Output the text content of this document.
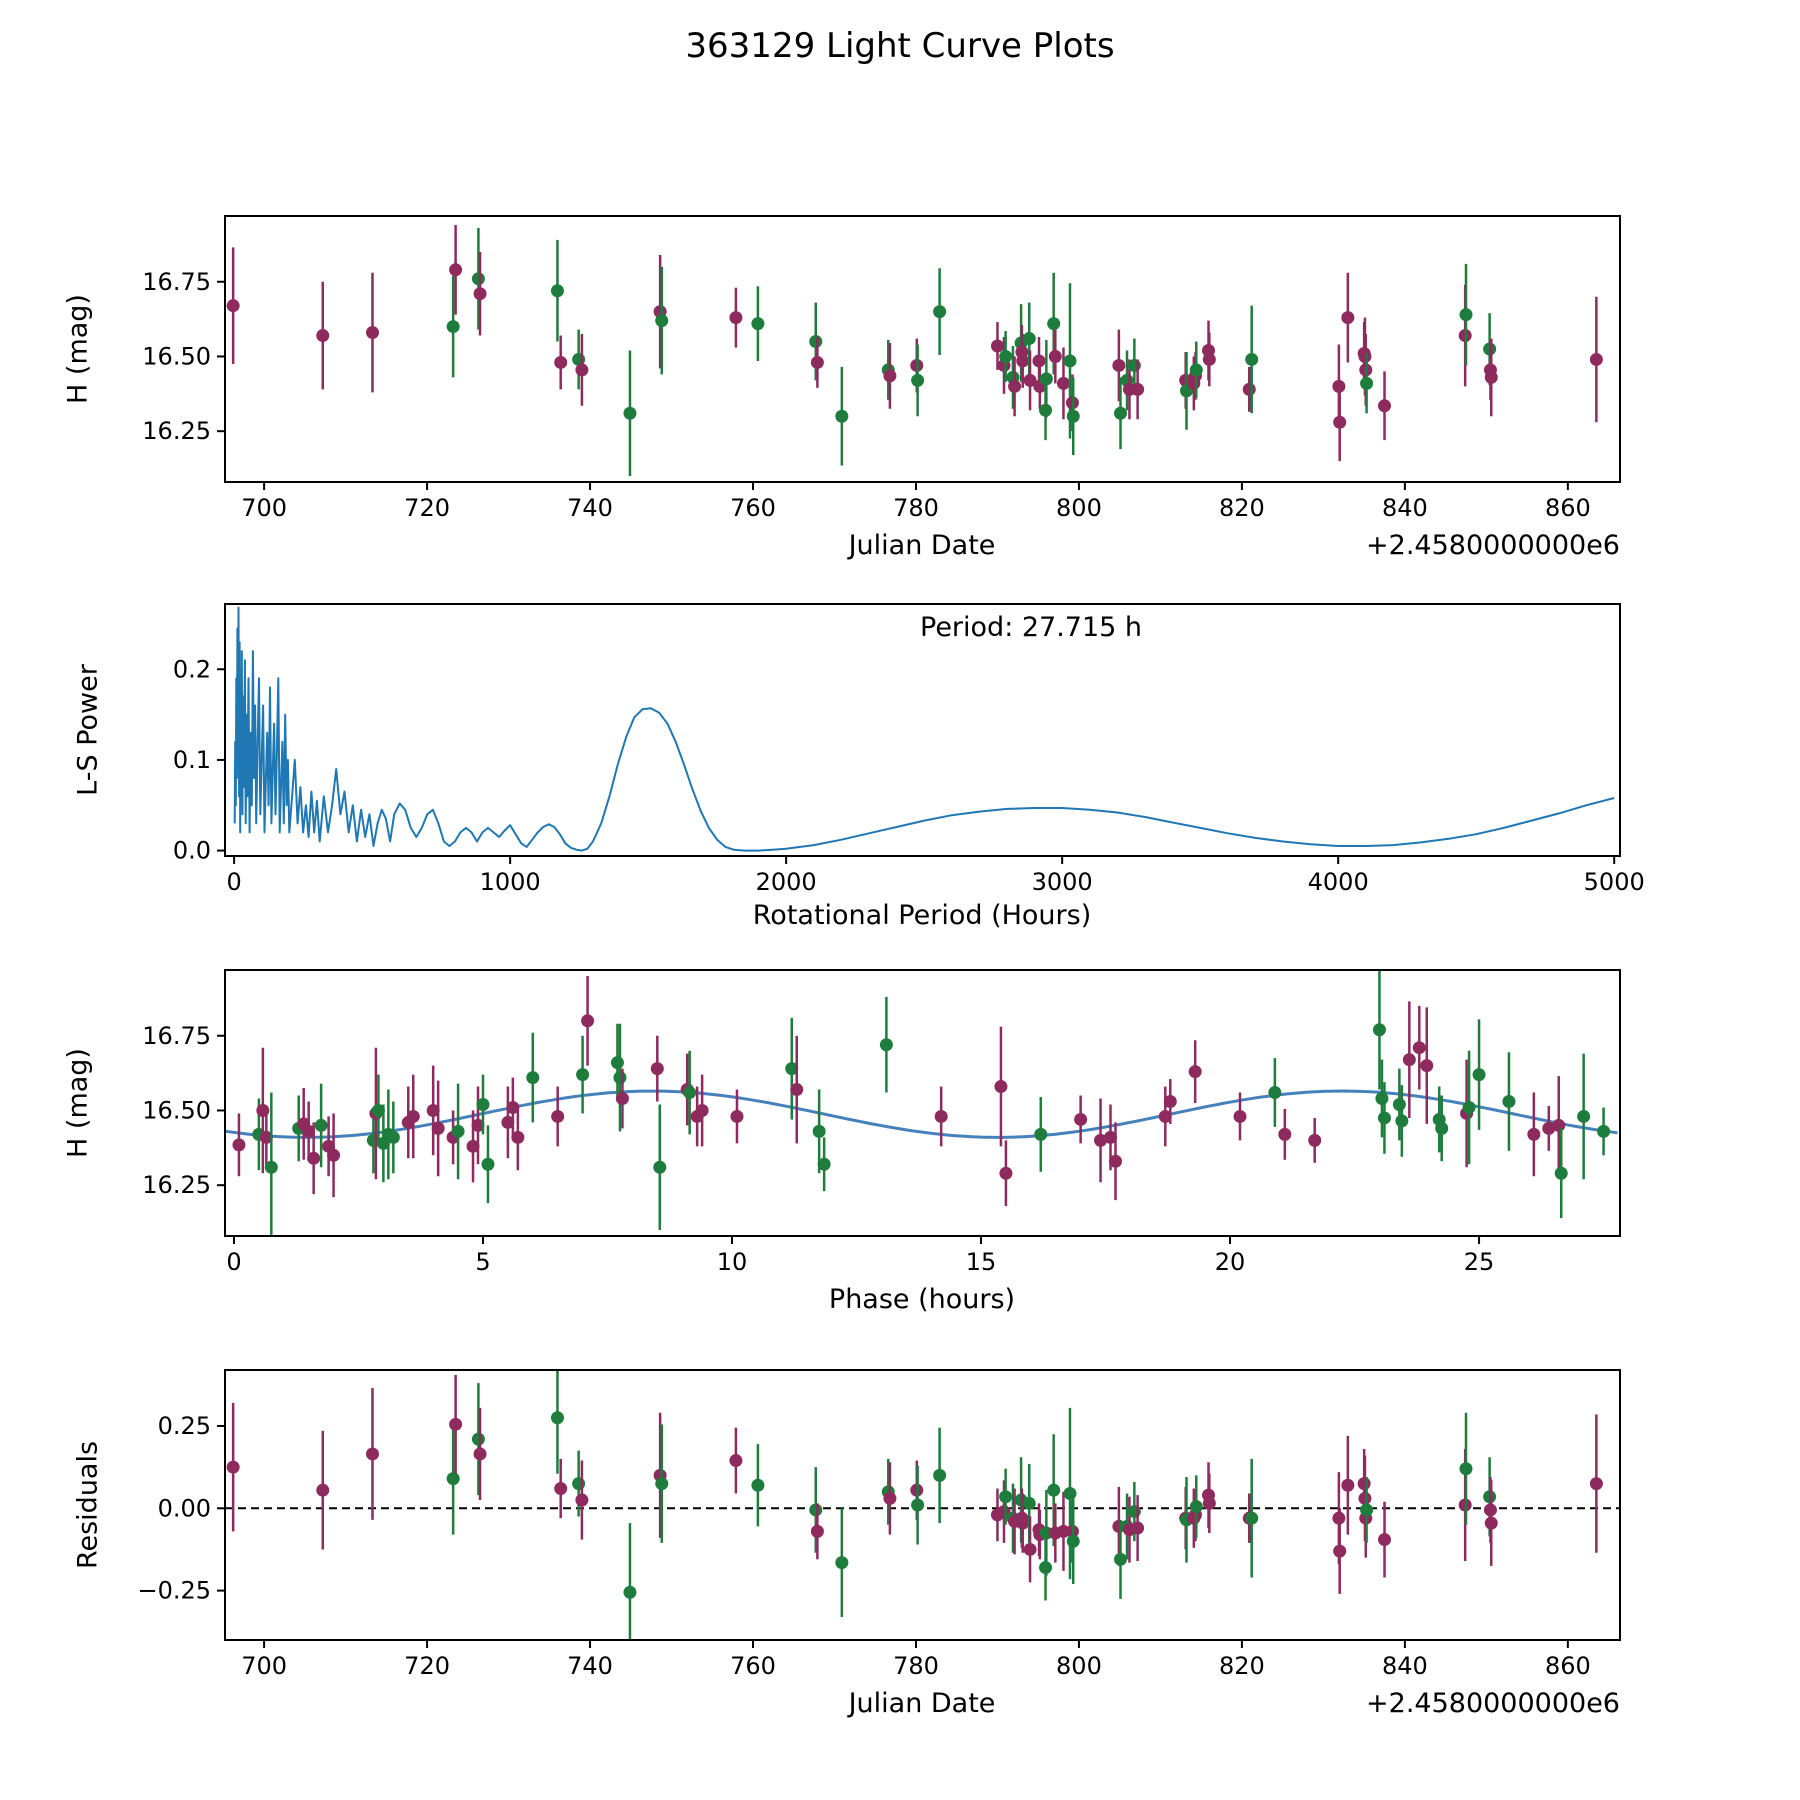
700	720	740	760	780	800	820	840	860
16.25
16.50
16.75
0	1000	2000	3000	4000	5000
0.0
0.1
0.2
0	5	10	15	20	25
16.25
16.50
16.75
700	720	740	760	780	800	820	840	860
−0.25
0.00
0.25
363129 Light Curve Plots
H (mag)
Julian Date	+2.4580000000e6
L-S Power
Rotational Period (Hours)
Period: 27.715 h
H (mag)
Phase (hours)
Residuals
Julian Date	+2.4580000000e6
